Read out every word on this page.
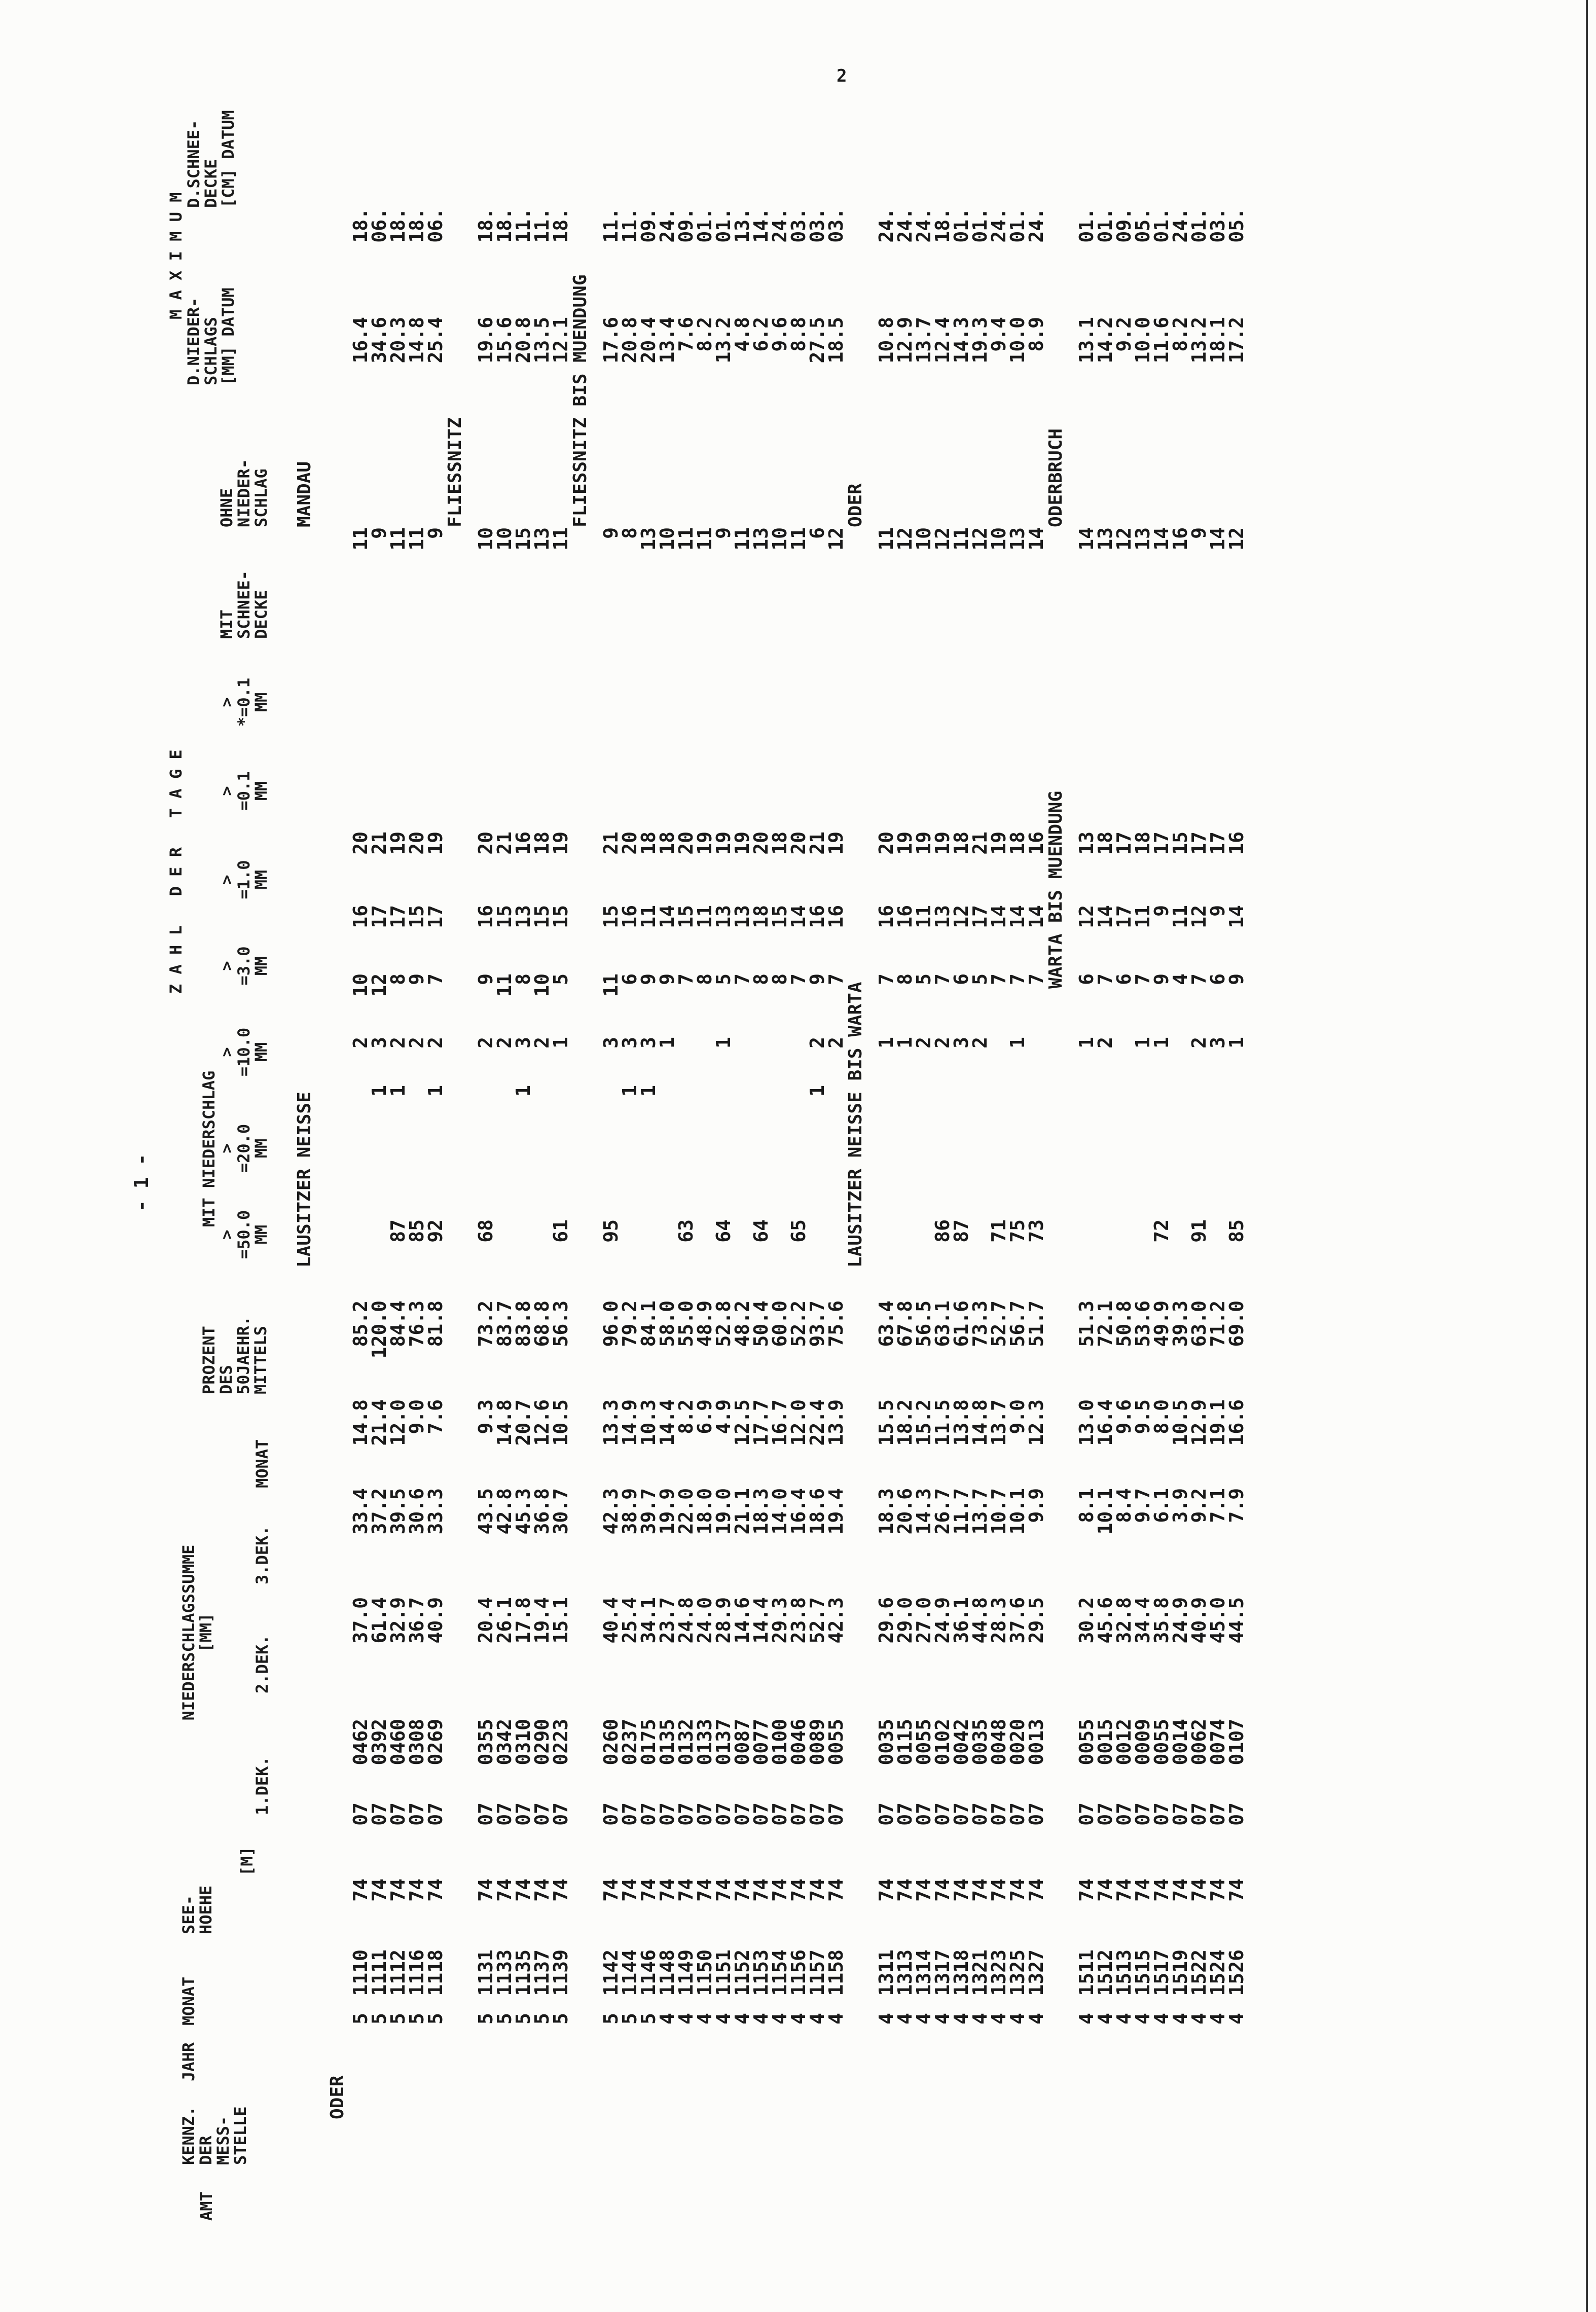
2
- 1 -
AMT
KENNZ.
DER
MESS-
STELLE
JAHR
MONAT
SEE-
HOEHE
[M]
NIEDERSCHLAGSSUMME
[MM]
1.DEK.
2.DEK.
3.DEK.
MONAT
PROZENT
DES
50JAEHR.
MITTELS
Z A H L   D E R   T A G E
MIT NIEDERSCHLAG
>
=50.0
MM
>
=20.0
MM
>
=10.0
MM
>
=3.0
MM
>
=1.0
MM
>
=0.1
MM
>
*=0.1
MM
MIT
SCHNEE-
DECKE
OHNE
NIEDER-
SCHLAG
M A X I M U M
D.NIEDER-
SCHLAGS
[MM] DATUM
D.SCHNEE-
DECKE
[CM] DATUM
ODER
LAUSITZER NEISSE
MANDAU
5
1110
74
07
0462
37.0
33.4
14.8
85.2
2
10
16
20
11
16.4
18.
5
1111
74
07
0392
61.4
37.2
21.4
120.0
1
3
12
17
21
9
34.6
06.
5
1112
74
07
0460
32.9
39.5
12.0
84.4
87
1
2
8
17
19
11
20.3
18.
5
1116
74
07
0308
36.7
30.6
9.0
76.3
85
2
9
15
20
11
14.8
18.
5
1118
74
07
0269
40.9
33.3
7.6
81.8
92
1
2
7
17
19
9
25.4
06.
FLIESSNITZ
5
1131
74
07
0355
20.4
43.5
9.3
73.2
68
2
9
16
20
10
19.6
18.
5
1133
74
07
0342
26.1
42.8
14.8
83.7
2
11
15
21
10
15.6
18.
5
1135
74
07
0310
17.8
45.3
20.7
83.8
1
3
8
13
16
15
20.8
11.
5
1137
74
07
0290
19.4
36.8
12.6
68.8
2
10
15
18
13
13.5
11.
5
1139
74
07
0223
15.1
30.7
10.5
56.3
61
1
5
15
19
11
12.1
18.
FLIESSNITZ BIS MUENDUNG
5
1142
74
07
0260
40.4
42.3
13.3
96.0
95
3
11
15
21
9
17.6
11.
5
1144
74
07
0237
25.4
38.9
14.9
79.2
1
3
6
16
20
8
20.8
11.
5
1146
74
07
0175
34.1
39.7
10.3
84.1
1
3
9
11
18
13
20.4
09.
4
1148
74
07
0135
23.7
19.9
14.4
58.0
1
9
14
18
10
13.4
24.
4
1149
74
07
0132
24.8
22.0
8.2
55.0
63
7
15
20
11
7.6
09.
4
1150
74
07
0133
24.0
18.0
6.9
48.9
8
11
19
11
8.2
01.
4
1151
74
07
0137
28.9
19.0
4.9
52.8
64
1
5
13
19
9
13.2
01.
4
1152
74
07
0087
14.6
21.1
12.5
48.2
7
13
19
11
4.8
13.
4
1153
74
07
0077
14.4
18.3
17.7
50.4
64
8
18
20
13
6.2
14.
4
1154
74
07
0100
29.3
14.0
16.7
60.0
8
15
18
10
9.6
24.
4
1156
74
07
0046
23.8
16.4
12.0
52.2
65
7
14
20
11
8.8
03.
4
1157
74
07
0089
52.7
18.6
22.4
93.7
1
2
9
16
21
6
27.5
03.
4
1158
74
07
0055
42.3
19.4
13.9
75.6
2
7
16
19
12
18.5
03.
LAUSITZER NEISSE BIS WARTA
ODER
4
1311
74
07
0035
29.6
18.3
15.5
63.4
1
7
16
20
11
10.8
24.
4
1313
74
07
0115
29.0
20.6
18.2
67.8
1
8
16
19
12
12.9
24.
4
1314
74
07
0055
27.0
14.3
15.2
56.5
2
5
11
19
10
13.7
24.
4
1317
74
07
0102
24.9
26.7
11.5
63.1
86
2
7
13
19
12
12.4
18.
4
1318
74
07
0042
36.1
11.7
13.8
61.6
87
3
6
12
18
11
14.3
01.
4
1321
74
07
0035
44.8
13.7
14.8
73.3
2
5
17
21
12
19.3
01.
4
1323
74
07
0048
28.3
10.7
13.7
52.7
71
7
14
19
10
9.4
24.
4
1325
74
07
0020
37.6
10.1
9.0
56.7
75
1
7
14
18
13
10.0
01.
4
1327
74
07
0013
29.5
9.9
12.3
51.7
73
7
14
16
14
8.9
24.
WARTA BIS MUENDUNG
ODERBRUCH
4
1511
74
07
0055
30.2
8.1
13.0
51.3
1
6
12
13
14
13.1
01.
4
1512
74
07
0015
45.6
10.1
16.4
72.1
2
7
14
18
13
14.2
01.
4
1513
74
07
0012
32.8
8.4
9.6
50.8
6
17
17
12
9.2
09.
4
1515
74
07
0009
34.4
9.7
9.5
53.6
1
7
11
18
13
10.0
05.
4
1517
74
07
0055
35.8
6.1
8.0
49.9
72
1
9
9
17
14
11.6
01.
4
1519
74
07
0014
24.9
3.9
10.5
39.3
4
11
15
16
8.2
24.
4
1522
74
07
0062
40.9
9.2
12.9
63.0
91
2
7
12
17
9
13.2
01.
4
1524
74
07
0074
45.0
7.1
19.1
71.2
3
6
9
17
14
18.1
03.
4
1526
74
07
0107
44.5
7.9
16.6
69.0
85
1
9
14
16
12
17.2
05.
